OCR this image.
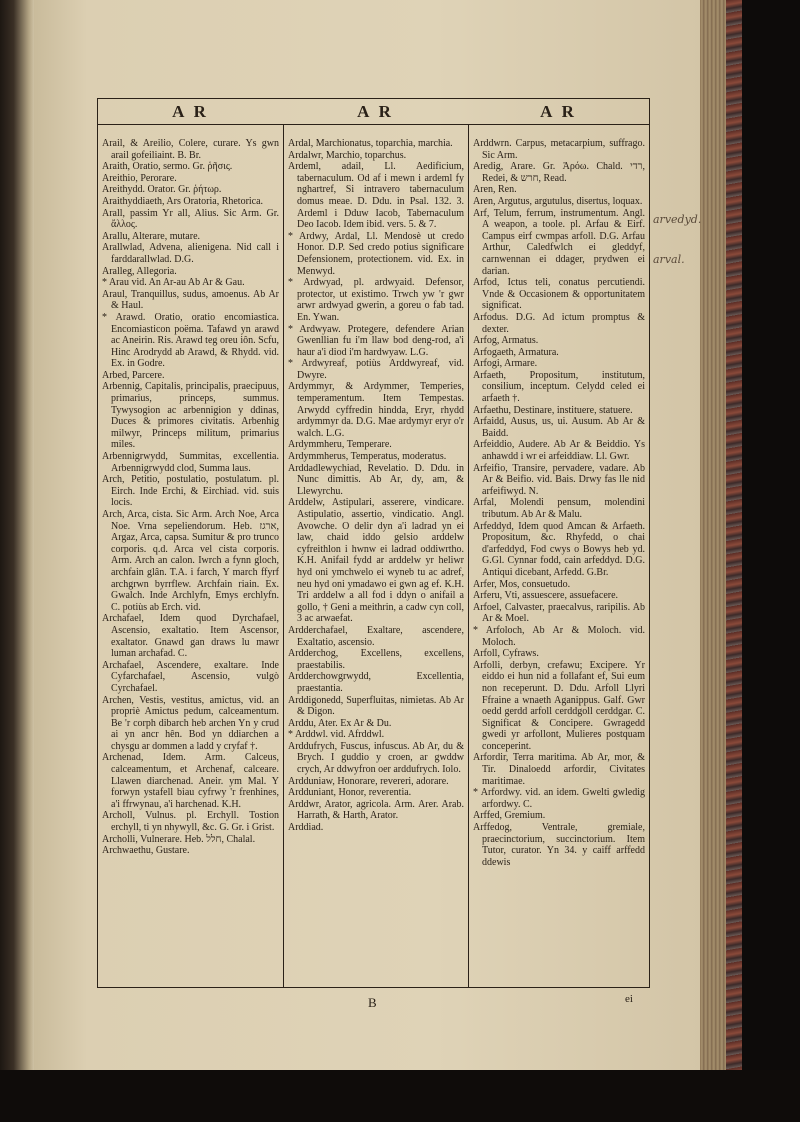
A R	A R	A R

Arail, & Areilio, Colere, curare. Ys gwn arail gofeiliaint. B. Br.

Araith, Oratio, sermo. Gr. ῥῆσις.

Areithio, Perorare.

Areithydd. Orator. Gr. ῥήτωρ.

Araithyddiaeth, Ars Oratoria, Rhetorica.

Arall, passim Yr all, Alius. Sic Arm. Gr. ἄλλος.

Arallu, Alterare, mutare.

Arallwlad, Advena, alienigena. Nid call i farddarallwlad. D.G.

Aralleg, Allegoria.

* Arau vid. An Ar-au Ab Ar & Gau.

Araul, Tranquillus, sudus, amoenus. Ab Ar & Haul.

* Arawd. Oratio, oratio encomiastica. Encomiasticon poëma. Tafawd yn arawd ac Aneirin. Ris. Arawd teg oreu iôn. Scfu, Hinc Arodrydd ab Arawd, & Rhydd. vid. Ex. in Godre.

Arbed, Parcere.

Arbennig, Capitalis, principalis, praecipuus, primarius, princeps, summus. Tywysogion ac arbennigion y ddinas, Duces & primores civitatis. Arbenhig milwyr, Princeps militum, primarius miles.

Arbennigrwydd, Summitas, excellentia. Arbennigrwydd clod, Summa laus.

Arch, Petitio, postulatio, postulatum. pl. Eirch. Inde Erchi, & Eirchiad. vid. suis locis.

Arch, Arca, cista. Sic Arm. Arch Noe, Arca Noe. Vrna sepeliendorum. Heb. ארגז, Argaz, Arca, capsa. Sumitur & pro trunco corporis. q.d. Arca vel cista corporis. Arm. Arch an calon. Iwrch a fynn gloch, archfain glân. T.A. i farch, Y march ffyrf archgrwn byrrflew. Archfain riain. Ex. Gwalch. Inde Archlyfn, Emys erchlyfn. C. potiùs ab Erch. vid.

Archafael, Idem quod Dyrchafael, Ascensio, exaltatio. Item Ascensor, exaltator. Gnawd gan draws lu mawr luman archafad. C.

Archafael, Ascendere, exaltare. Inde Cyfarchafael, Ascensio, vulgò Cyrchafael.

Archen, Vestis, vestitus, amictus, vid. an propriè Amictus pedum, calceamentum. Be 'r corph dibarch heb archen Yn y crud ai yn ancr hên. Bod yn ddiarchen a chysgu ar dommen a ladd y cryfaf †.

Archenad, Idem. Arm. Calceus, calceamentum, et Archenaf, calceare. Llawen diarchenad. Aneir. ym Mal. Y forwyn ystafell biau cyfrwy 'r frenhines, a'i ffrwynau, a'i harchenad. K.H.

Archoll, Vulnus. pl. Erchyll. Tostion erchyll, ti yn nhywyll, &c. G. Gr. i Grist.

Archolli, Vulnerare. Heb. חלל, Chalal.

Archwaethu, Gustare.

Ardal, Marchionatus, toparchia, marchia.

Ardalwr, Marchio, toparchus.

Ardeml, adail, Ll. Aedificium, tabernaculum. Od af i mewn i ardeml fy nghartref, Si intravero tabernaculum domus meae. D. Ddu. in Psal. 132. 3. Ardeml i Dduw Iacob, Tabernaculum Deo Iacob. Idem ibid. vers. 5. & 7.

* Ardwy, Ardal, Ll. Mendosè ut credo Honor. D.P. Sed credo potius significare Defensionem, protectionem. vid. Ex. in Menwyd.

* Ardwyad, pl. ardwyaid. Defensor, protector, ut existimo. Trwch yw 'r gwr arwr ardwyad gwerin, a goreu o fab tad. En. Ywan.

* Ardwyaw. Protegere, defendere Arian Gwenllian fu i'm llaw bod deng-rod, a'i haur a'i diod i'm hardwyaw. L.G.

* Ardwyreaf, potiùs Arddwyreaf, vid. Dwyre.

Ardymmyr, & Ardymmer, Temperies, temperamentum. Item Tempestas. Arwydd cyffredin hindda, Eryr, rhydd ardymmyr da. D.G. Mae ardymyr eryr o'r walch. L.G.

Ardymmheru, Temperare.

Ardymmherus, Temperatus, moderatus.

Arddadlewychiad, Revelatio. D. Ddu. in Nunc dimittis. Ab Ar, dy, am, & Llewyrchu.

Arddelw, Astipulari, asserere, vindicare. Astipulatio, assertio, vindicatio. Angl. Avowche. O delir dyn a'i ladrad yn ei law, chaid iddo gelsio arddelw cyfreithlon i hwnw ei ladrad oddiwrtho. K.H. Anifail fydd ar arddelw yr heliwr hyd oni ymchwelo ei wyneb tu ac adref, neu hyd oni ymadawo ei gwn ag ef. K.H. Tri arddelw a all fod i ddyn o anifail a gollo, † Geni a meithrin, a cadw cyn coll, 3 ac arwaefat.

Ardderchafael, Exaltare, ascendere, Exaltatio, ascensio.

Ardderchog, Excellens, excellens, praestabilis.

Ardderchowgrwydd, Excellentia, praestantia.

Arddigonedd, Superfluitas, nimietas. Ab Ar & Digon.

Arddu, Ater. Ex Ar & Du.

* Arddwl. vid. Afrddwl.

Arddufrych, Fuscus, infuscus. Ab Ar, du & Brych. I guddio y croen, ar gwddw crych, Ar ddwyfron oer arddufrych. Iolo.

Ardduniaw, Honorare, revereri, adorare.

Ardduniant, Honor, reverentia.

Arddwr, Arator, agricola. Arm. Arer. Arab. Harrath, & Harth, Arator.

Arddiad.

Arddwrn. Carpus, metacarpium, suffrago. Sic Arm.

Aredig, Arare. Gr. Ἀρόω. Chald. רדי, Redei, & חרש, Read.

Aren, Ren.

Aren, Argutus, argutulus, disertus, loquax.

Arf, Telum, ferrum, instrumentum. Angl. A weapon, a toole. pl. Arfau & Eirf. Campus eirf cwmpas arfoll. D.G. Arfau Arthur, Caledfwlch ei gleddyf, carnwennan ei ddager, prydwen ei darian.

Arfod, Ictus teli, conatus percutiendi. Vnde & Occasionem & opportunitatem significat.

Arfodus. D.G. Ad ictum promptus & dexter.

Arfog, Armatus.

Arfogaeth, Armatura.

Arfogi, Armare.

Arfaeth, Propositum, institutum, consilium, inceptum. Celydd celed ei arfaeth †.

Arfaethu, Destinare, instituere, statuere.

Arfaidd, Ausus, us, ui. Ausum. Ab Ar & Baidd.

Arfeiddio, Audere. Ab Ar & Beiddio. Ys anhawdd i wr ei arfeiddiaw. Ll. Gwr.

Arfeifio, Transire, pervadere, vadare. Ab Ar & Beifio. vid. Bais. Drwy fas lle nid arfeifiwyd. N.

Arfal, Molendi pensum, molendini tributum. Ab Ar & Malu.

Arfeddyd, Idem quod Amcan & Arfaeth. Propositum, &c. Rhyfedd, o chai d'arfeddyd, Fod cwys o Bowys heb yd. G.Gl. Cynnar fodd, cain arfeddyd. D.G. Antiqui dicebant, Arfedd. G.Br.

Arfer, Mos, consuetudo.

Arferu, Vti, assuescere, assuefacere.

Arfoel, Calvaster, praecalvus, raripilis. Ab Ar & Moel.

* Arfoloch, Ab Ar & Moloch. vid. Moloch.

Arfoll, Cyfraws.

Arfolli, derbyn, crefawu; Excipere. Yr eiddo ei hun nid a follafant ef, Sui eum non receperunt. D. Ddu. Arfoll Llyri Ffraine a wnaeth Aganippus. Galf. Gwr oedd gerdd arfoll cerddgoll cerddgar. C. Significat & Concipere. Gwragedd gwedi yr arfollont, Mulieres postquam conceperint.

Arfordir, Terra maritima. Ab Ar, mor, & Tir. Dinaloedd arfordir, Civitates maritimae.

* Arfordwy. vid. an idem. Gwelti gwledig arfordwy. C.

Arffed, Gremium.

Arffedog, Ventrale, gremiale, praecinctorium, succinctorium. Item Tutor, curator. Yn 34. y caiff arffedd ddewis

arvedyd.
arval.
B	ei
